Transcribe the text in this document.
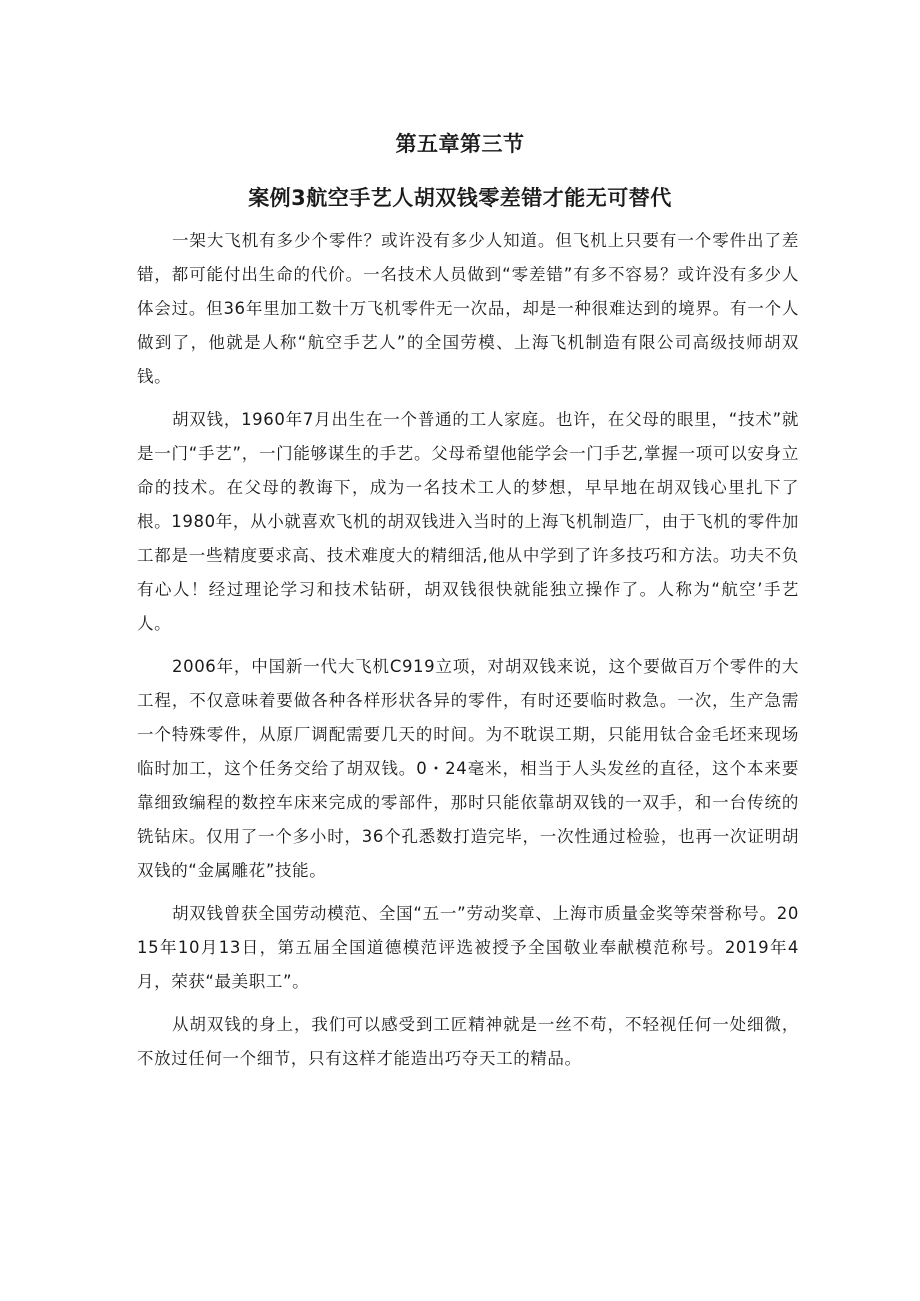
第五章第三节
案例3航空手艺人胡双钱零差错才能无可替代

一架大飞机有多少个零件？或许没有多少人知道。但飞机上只要有一个零件出了差错，都可能付出生命的代价。一名技术人员做到“零差错”有多不容易？或许没有多少人体会过。但36年里加工数十万飞机零件无一次品，却是一种很难达到的境界。有一个人做到了，他就是人称“航空手艺人”的全国劳模、上海飞机制造有限公司高级技师胡双钱。

胡双钱，1960年7月出生在一个普通的工人家庭。也许，在父母的眼里，“技术”就是一门“手艺”，一门能够谋生的手艺。父母希望他能学会一门手艺,掌握一项可以安身立命的技术。在父母的教诲下，成为一名技术工人的梦想，早早地在胡双钱心里扎下了根。1980年，从小就喜欢飞机的胡双钱进入当时的上海飞机制造厂，由于飞机的零件加工都是一些精度要求高、技术难度大的精细活,他从中学到了许多技巧和方法。功夫不负有心人！经过理论学习和技术钻研，胡双钱很快就能独立操作了。人称为“航空’手艺人。

2006年，中国新一代大飞机C919立项，对胡双钱来说，这个要做百万个零件的大工程，不仅意味着要做各种各样形状各异的零件，有时还要临时救急。一次，生产急需一个特殊零件，从原厂调配需要几天的时间。为不耽误工期，只能用钛合金毛坯来现场临时加工，这个任务交给了胡双钱。0・24毫米，相当于人头发丝的直径，这个本来要靠细致编程的数控车床来完成的零部件，那时只能依靠胡双钱的一双手，和一台传统的铣钻床。仅用了一个多小时，36个孔悉数打造完毕，一次性通过检验，也再一次证明胡双钱的“金属雕花”技能。

胡双钱曾获全国劳动模范、全国“五一”劳动奖章、上海市质量金奖等荣誉称号。2015年10月13日，第五届全国道德模范评选被授予全国敬业奉献模范称号。2019年4月，荣获“最美职工”。

从胡双钱的身上，我们可以感受到工匠精神就是一丝不苟，不轻视任何一处细微，不放过任何一个细节，只有这样才能造出巧夺天工的精品。
